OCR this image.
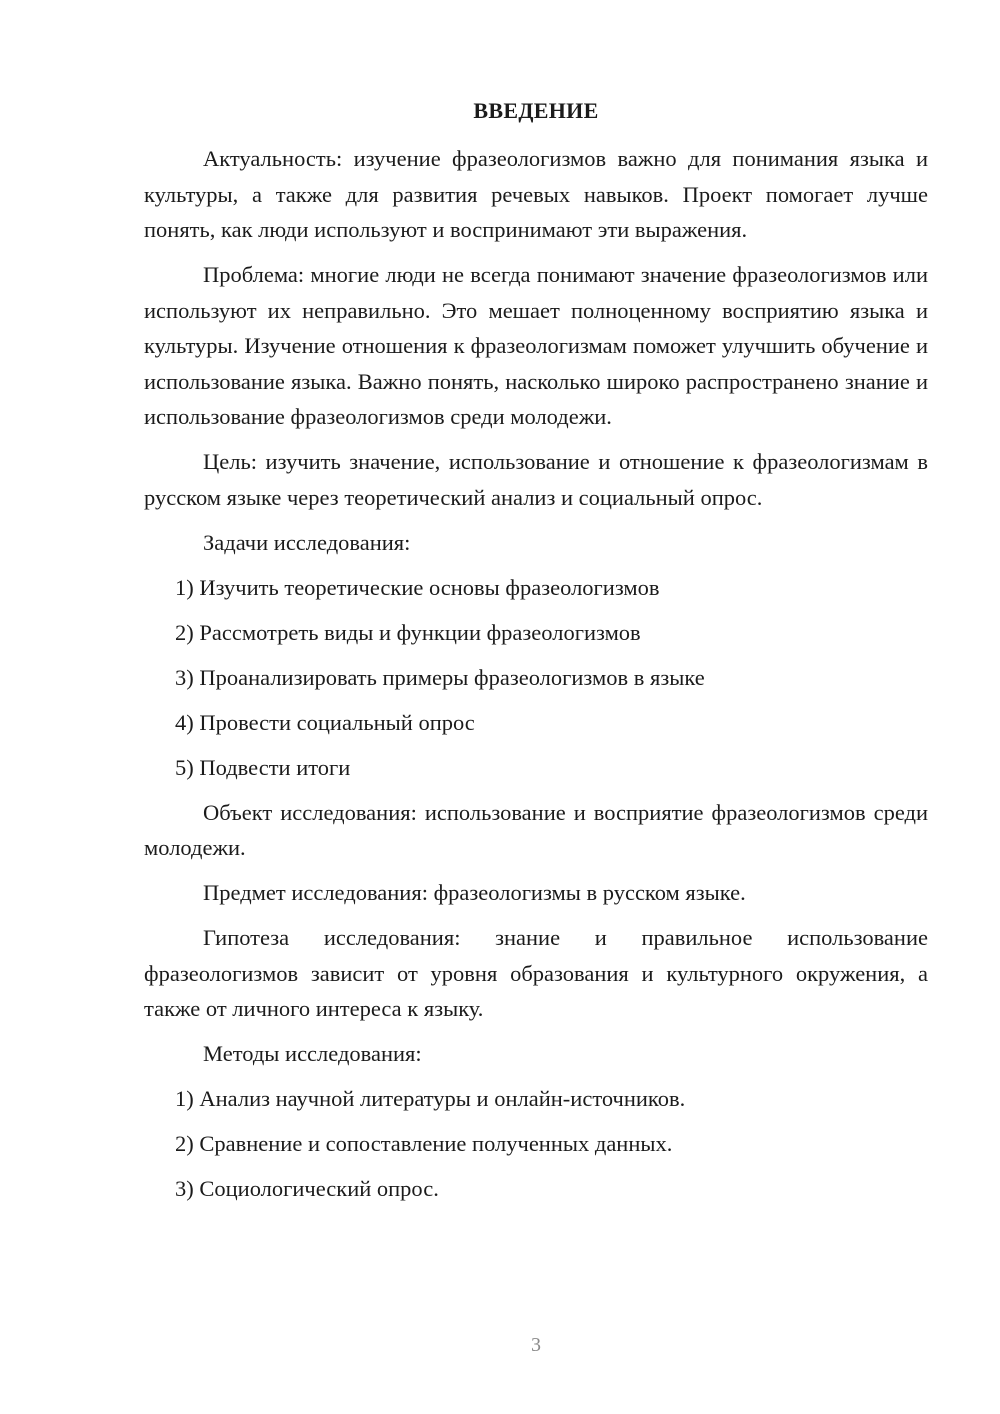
ВВЕДЕНИЕ

Актуальность: изучение фразеологизмов важно для понимания языка и культуры, а также для развития речевых навыков. Проект помогает лучше понять, как люди используют и воспринимают эти выражения.

Проблема: многие люди не всегда понимают значение фразеологизмов или используют их неправильно. Это мешает полноценному восприятию языка и культуры. Изучение отношения к фразеологизмам поможет улучшить обучение и использование языка. Важно понять, насколько широко распространено знание и использование фразеологизмов среди молодежи.

Цель: изучить значение, использование и отношение к фразеологизмам в русском языке через теоретический анализ и социальный опрос.

Задачи исследования:

1) Изучить теоретические основы фразеологизмов
2) Рассмотреть виды и функции фразеологизмов
3) Проанализировать примеры фразеологизмов в языке
4) Провести социальный опрос
5) Подвести итоги

Объект исследования: использование и восприятие фразеологизмов среди молодежи.

Предмет исследования: фразеологизмы в русском языке.

Гипотеза исследования: знание и правильное использование фразеологизмов зависит от уровня образования и культурного окружения, а также от личного интереса к языку.

Методы исследования:

1) Анализ научной литературы и онлайн-источников.
2) Сравнение и сопоставление полученных данных.
3) Социологический опрос.
3
